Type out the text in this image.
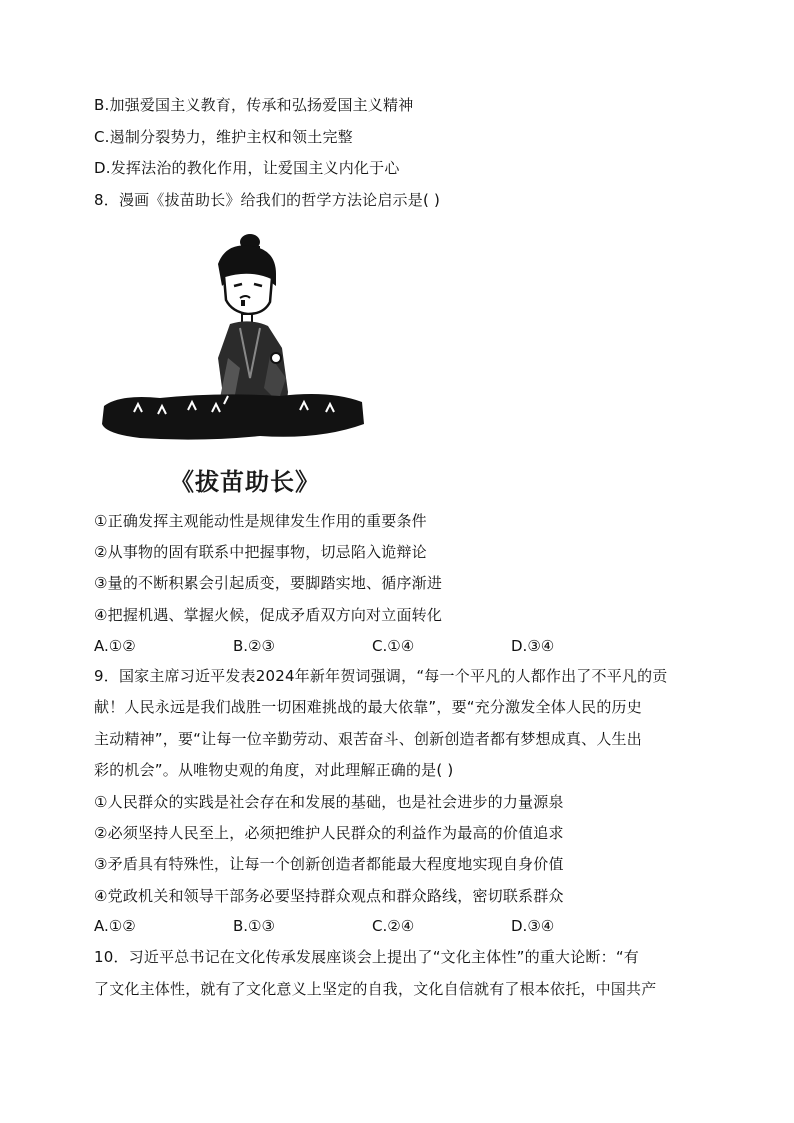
B.加强爱国主义教育，传承和弘扬爱国主义精神
C.遏制分裂势力，维护主权和领土完整
D.发挥法治的教化作用，让爱国主义内化于心
8．漫画《拔苗助长》给我们的哲学方法论启示是( )
《拔苗助长》
①正确发挥主观能动性是规律发生作用的重要条件
②从事物的固有联系中把握事物，切忌陷入诡辩论
③量的不断积累会引起质变，要脚踏实地、循序渐进
④把握机遇、掌握火候，促成矛盾双方向对立面转化
A.①②	B.②③	C.①④	D.③④
9．国家主席习近平发表2024年新年贺词强调，“每一个平凡的人都作出了不平凡的贡
献！人民永远是我们战胜一切困难挑战的最大依靠”，要“充分激发全体人民的历史
主动精神”，要“让每一位辛勤劳动、艰苦奋斗、创新创造者都有梦想成真、人生出
彩的机会”。从唯物史观的角度，对此理解正确的是( )
①人民群众的实践是社会存在和发展的基础，也是社会进步的力量源泉
②必须坚持人民至上，必须把维护人民群众的利益作为最高的价值追求
③矛盾具有特殊性，让每一个创新创造者都能最大程度地实现自身价值
④党政机关和领导干部务必要坚持群众观点和群众路线，密切联系群众
A.①②	B.①③	C.②④	D.③④
10．习近平总书记在文化传承发展座谈会上提出了“文化主体性”的重大论断：“有
了文化主体性，就有了文化意义上坚定的自我，文化自信就有了根本依托，中国共产
